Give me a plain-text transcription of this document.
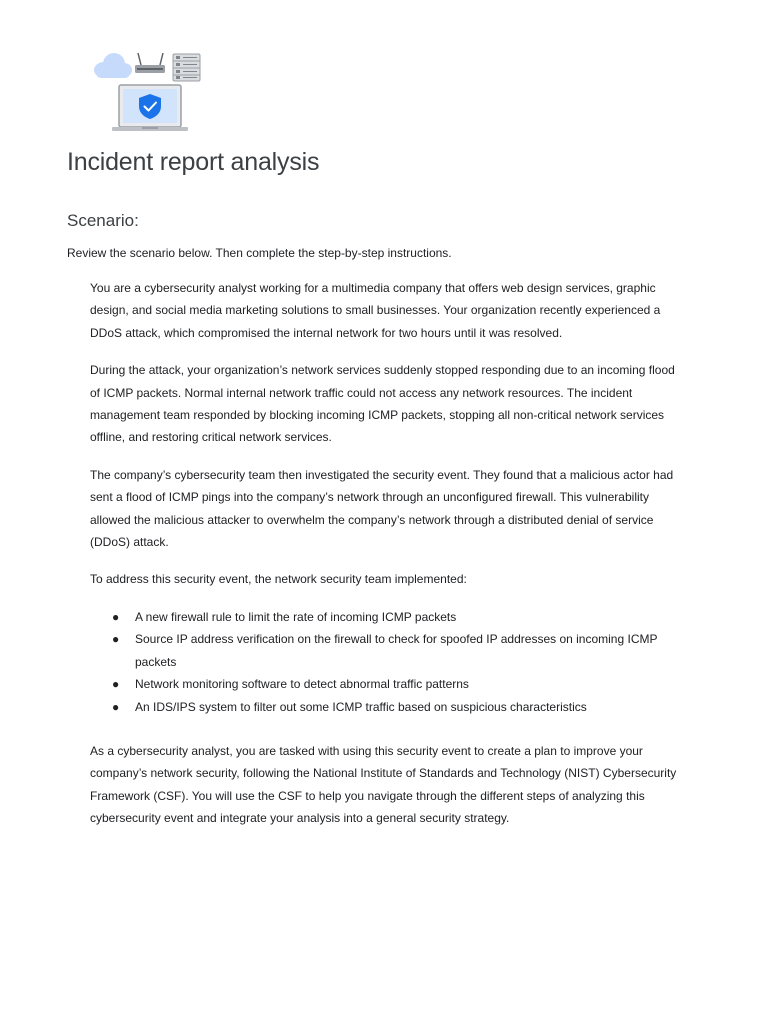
Incident report analysis
Scenario:

Review the scenario below. Then complete the step-by-step instructions.

You are a cybersecurity analyst working for a multimedia company that offers web design services, graphic design, and social media marketing solutions to small businesses. Your organization recently experienced a DDoS attack, which compromised the internal network for two hours until it was resolved.

During the attack, your organization’s network services suddenly stopped responding due to an incoming flood of ICMP packets. Normal internal network traffic could not access any network resources. The incident management team responded by blocking incoming ICMP packets, stopping all non-critical network services offline, and restoring critical network services.

The company’s cybersecurity team then investigated the security event. They found that a malicious actor had sent a flood of ICMP pings into the company’s network through an unconfigured firewall. This vulnerability allowed the malicious attacker to overwhelm the company’s network through a distributed denial of service (DDoS) attack.

To address this security event, the network security team implemented:

● A new firewall rule to limit the rate of incoming ICMP packets
● Source IP address verification on the firewall to check for spoofed IP addresses on incoming ICMP packets
● Network monitoring software to detect abnormal traffic patterns
● An IDS/IPS system to filter out some ICMP traffic based on suspicious characteristics

As a cybersecurity analyst, you are tasked with using this security event to create a plan to improve your company’s network security, following the National Institute of Standards and Technology (NIST) Cybersecurity Framework (CSF). You will use the CSF to help you navigate through the different steps of analyzing this cybersecurity event and integrate your analysis into a general security strategy.
